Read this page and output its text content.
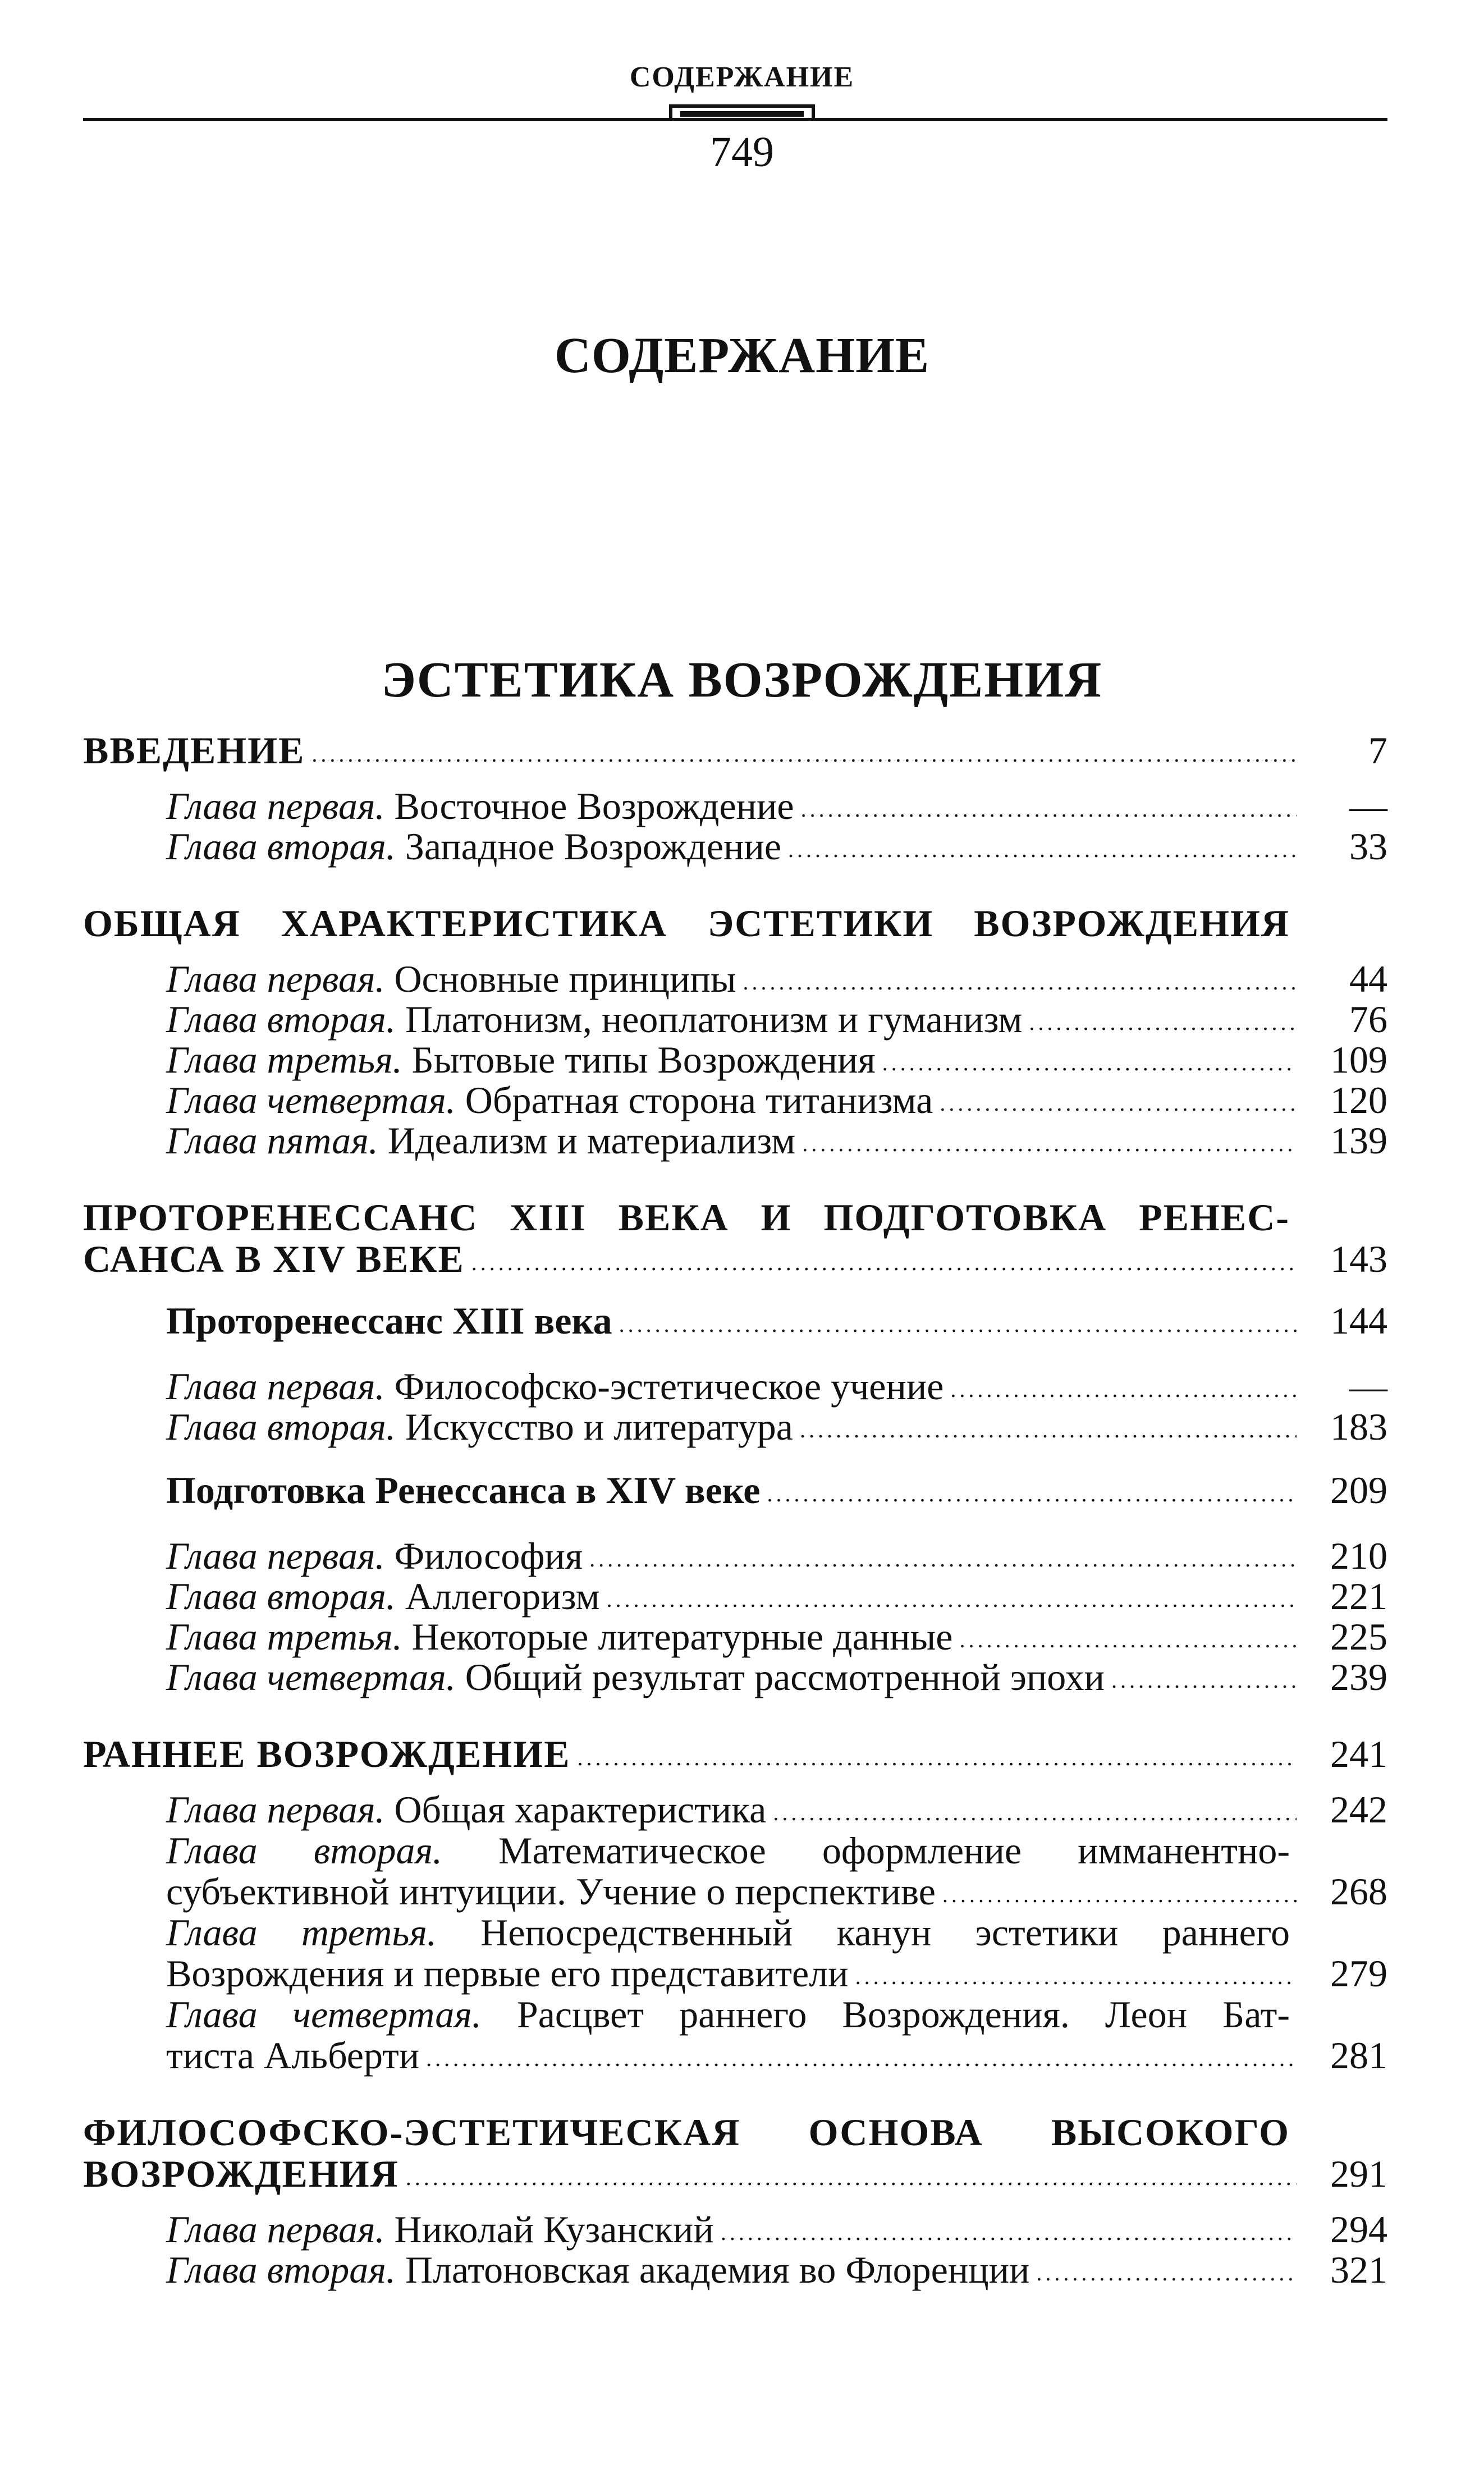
СОДЕРЖАНИЕ
749
СОДЕРЖАНИЕ
ЭСТЕТИКА ВОЗРОЖДЕНИЯ
ВВЕДЕНИЕ .....	7
Глава первая. Восточное Возрождение .....	—
Глава вторая. Западное Возрождение .....	33
ОБЩАЯ ХАРАКТЕРИСТИКА ЭСТЕТИКИ ВОЗРОЖДЕНИЯ
Глава первая. Основные принципы .....	44
Глава вторая. Платонизм, неоплатонизм и гуманизм .....	76
Глава третья. Бытовые типы Возрождения .....	109
Глава четвертая. Обратная сторона титанизма .....	120
Глава пятая. Идеализм и материализм .....	139
ПРОТОРЕНЕССАНС XIII ВЕКА И ПОДГОТОВКА РЕНЕС-
САНСА В XIV ВЕКЕ .....	143
Проторенессанс XIII века .....	144
Глава первая. Философско-эстетическое учение .....	—
Глава вторая. Искусство и литература .....	183
Подготовка Ренессанса в XIV веке .....	209
Глава первая. Философия .....	210
Глава вторая. Аллегоризм .....	221
Глава третья. Некоторые литературные данные .....	225
Глава четвертая. Общий результат рассмотренной эпохи .....	239
РАННЕЕ ВОЗРОЖДЕНИЕ .....	241
Глава первая. Общая характеристика .....	242
Глава вторая. Математическое оформление имманентно-
субъективной интуиции. Учение о перспективе .....	268
Глава третья. Непосредственный канун эстетики раннего
Возрождения и первые его представители .....	279
Глава четвертая. Расцвет раннего Возрождения. Леон Бат-
тиста Альберти .....	281
ФИЛОСОФСКО-ЭСТЕТИЧЕСКАЯ ОСНОВА ВЫСОКОГО
ВОЗРОЖДЕНИЯ .....	291
Глава первая. Николай Кузанский .....	294
Глава вторая. Платоновская академия во Флоренции .....	321
